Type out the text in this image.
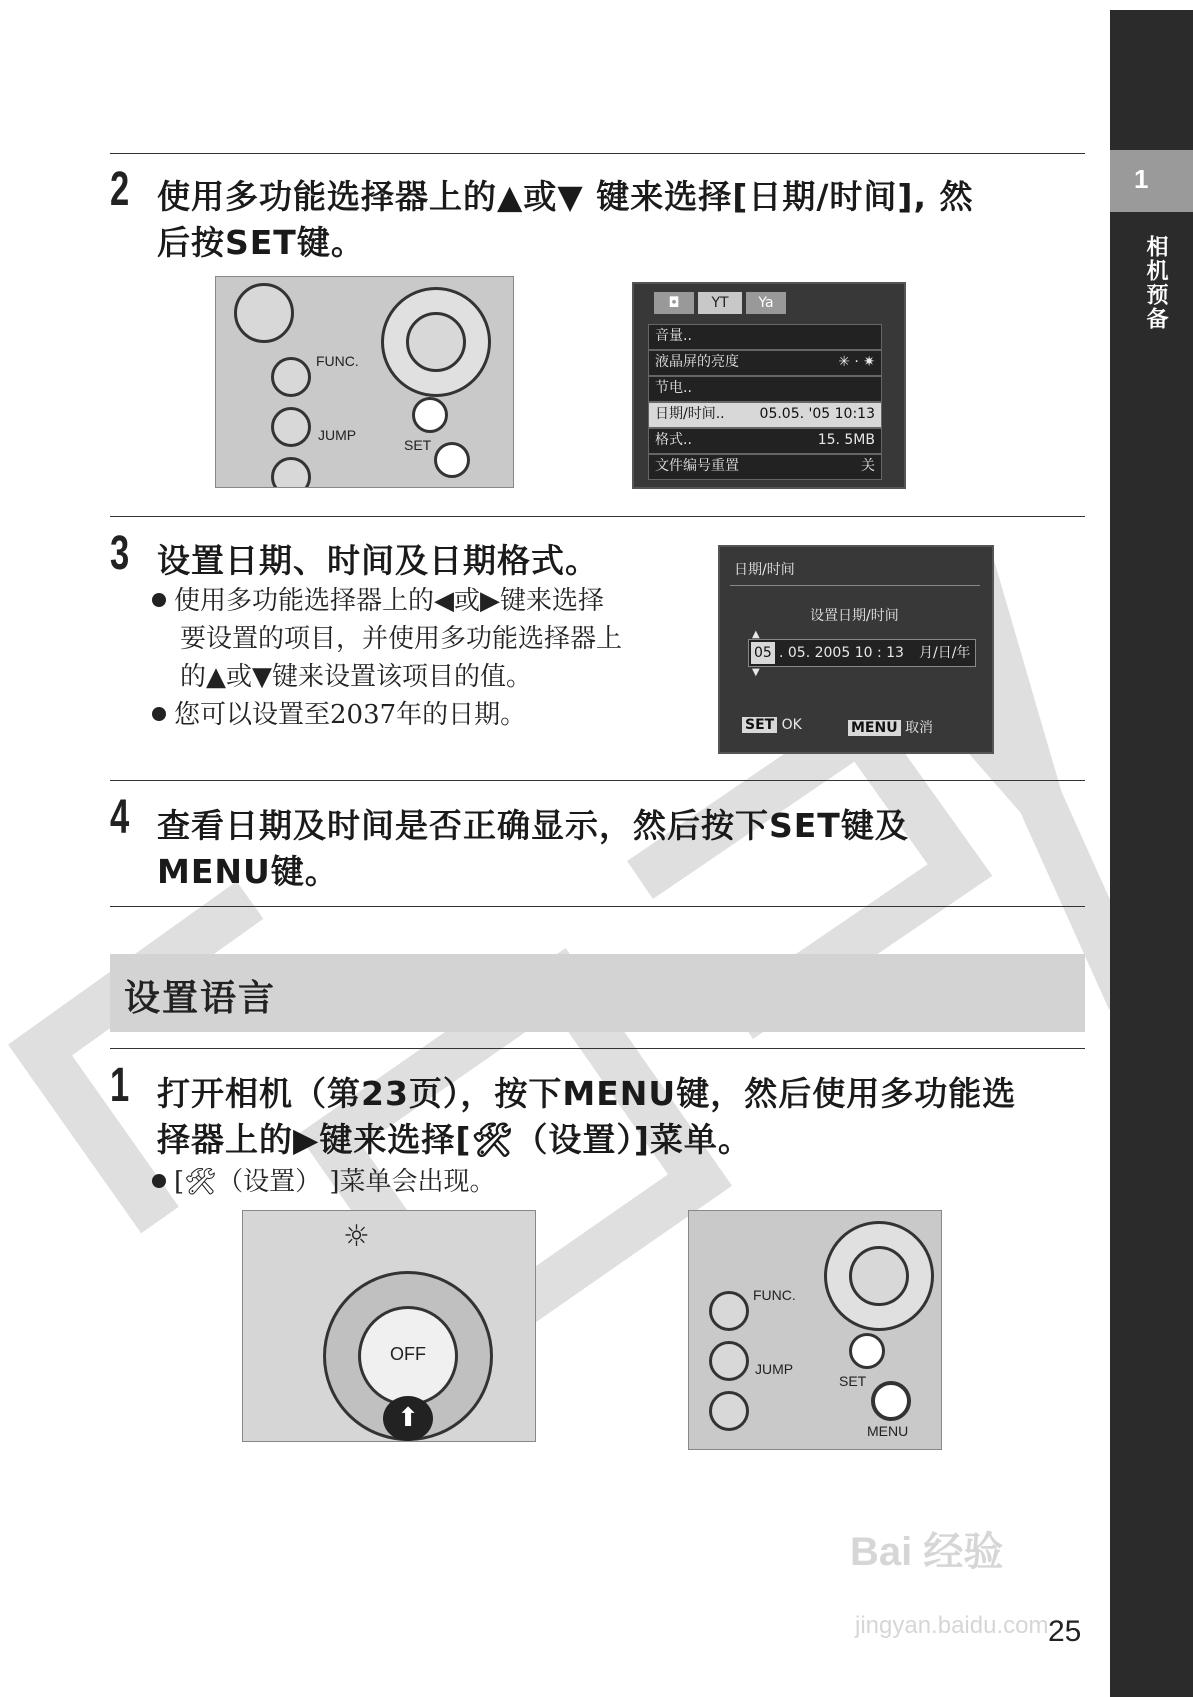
1
相机预备
2 使用多功能选择器上的▲或▼ 键来选择[日期/时间], 然
后按SET键。
FUNC.
JUMP
SET
◘	YT	Ya
音量..
液晶屏的亮度	✳ · ✷
节电..
日期/时间.. 05.05. '05 10:13
格式..	15. 5MB
文件编号重置	关
3 设置日期、时间及日期格式。
使用多功能选择器上的◀或▶键来选择
要设置的项目，并使用多功能选择器上
的▲或▼键来设置该项目的值。
您可以设置至2037年的日期。
日期/时间
设置日期/时间
05 . 05. 2005 10 : 13 月/日/年
▲
▼
SET OK	MENU 取消
4 查看日期及时间是否正确显示，然后按下SET键及
MENU键。
设置语言
1 打开相机（第23页），按下MENU键，然后使用多功能选
择器上的▶键来选择[🛠（设置）]菜单。
[🛠（设置） ]菜单会出现。
OFF
⬆
☼
FUNC.
JUMP
SET
MENU
Bai 经验
jingyan.baidu.com 25
